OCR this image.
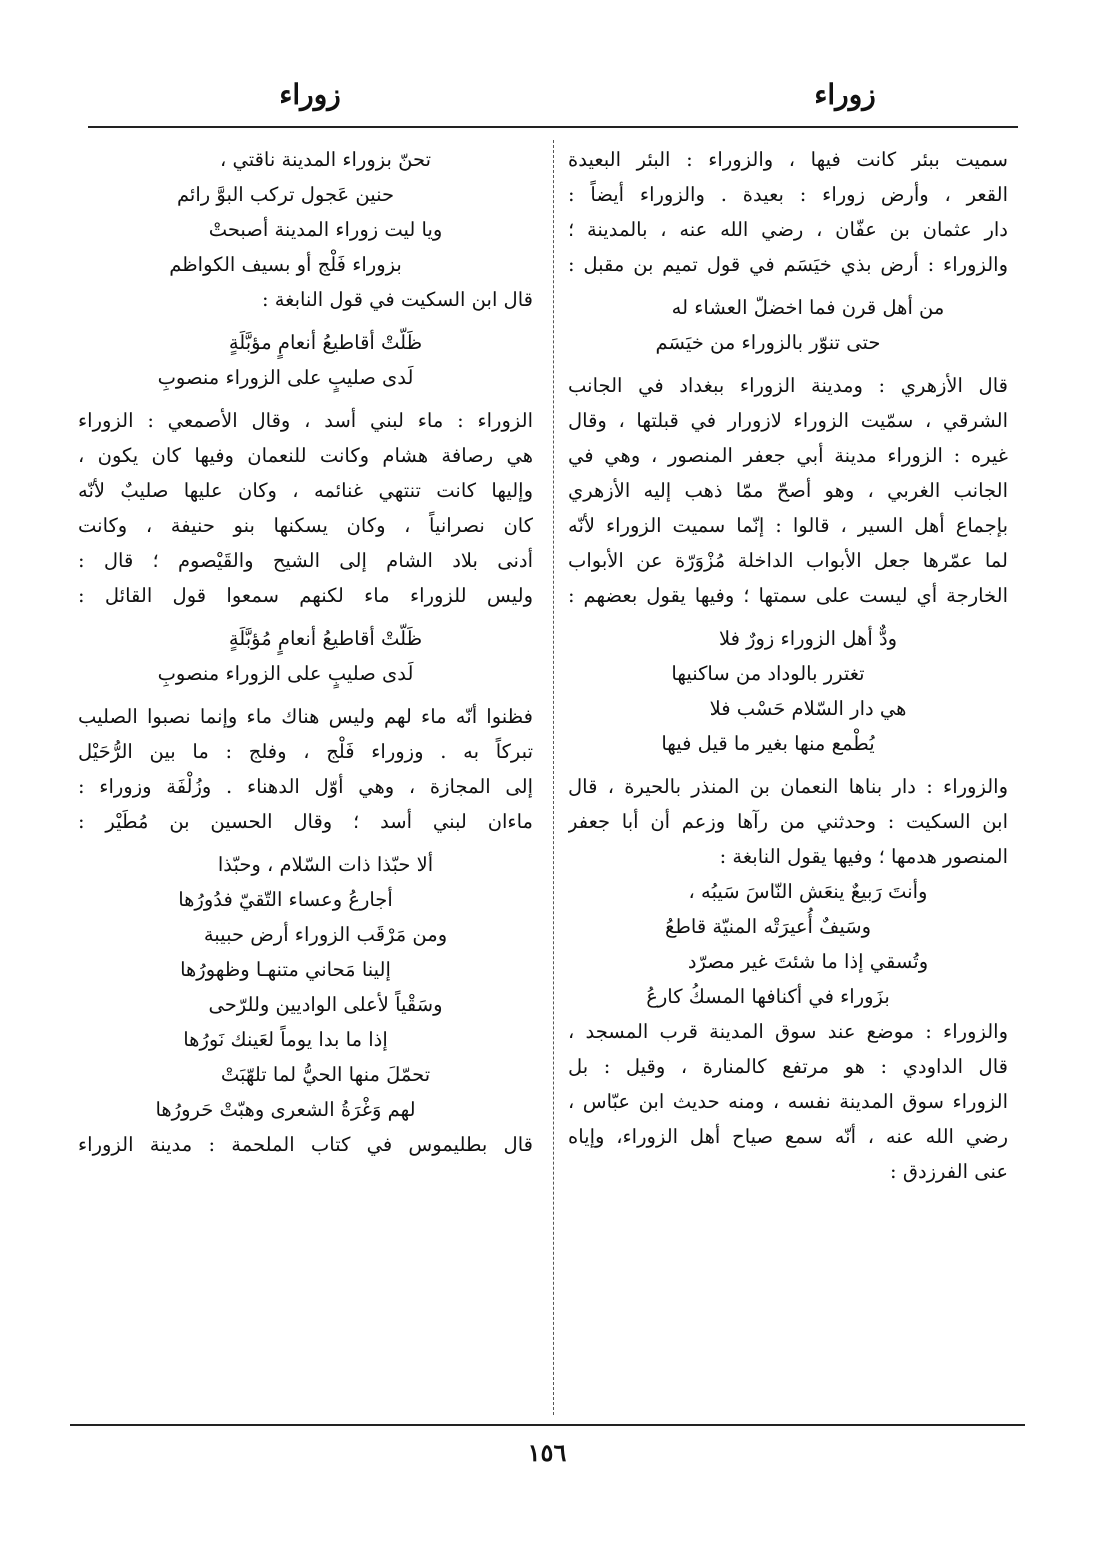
زوراء
زوراء
سميت ببئر كانت فيها ، والزوراء : البئر البعيدة
القعر ، وأرض زوراء : بعيدة . والزوراء أيضاً :
دار عثمان بن عفّان ، رضي الله عنه ، بالمدينة ؛
والزوراء : أرض بذي خيَسَم في قول تميم بن مقبل :
من أهل قرن فما اخضلّ العشاء له
حتى تنوّر بالزوراء من خيَسَم
قال الأزهري : ومدينة الزوراء ببغداد في الجانب
الشرقي ، سمّيت الزوراء لازورار في قبلتها ، وقال
غيره : الزوراء مدينة أبي جعفر المنصور ، وهي في
الجانب الغربي ، وهو أصحّ ممّا ذهب إليه الأزهري
بإجماع أهل السير ، قالوا : إنّما سميت الزوراء لأنّه
لما عمّرها جعل الأبواب الداخلة مُزْوَرّة عن الأبواب
الخارجة أي ليست على سمتها ؛ وفيها يقول بعضهم :
ودٌّ أهل الزوراء زورٌ فلا
تغترر بالوداد من ساكنيها
هي دار السّلام حَسْب فلا
يُطْمع منها بغير ما قيل فيها
والزوراء : دار بناها النعمان بن المنذر بالحيرة ، قال
ابن السكيت : وحدثني من رآها وزعم أن أبا جعفر
المنصور هدمها ؛ وفيها يقول النابغة :
وأنتَ رَبيعٌ ينعَش النّاسَ سَيبُه ،
وسَيفٌ أُعيرَتْه المنيّة قاطعُ
وتُسقي إذا ما شئتَ غير مصرّد
بزَوراء في أكنافها المسكُ كارعُ
والزوراء : موضع عند سوق المدينة قرب المسجد ،
قال الداودي : هو مرتفع كالمنارة ، وقيل : بل
الزوراء سوق المدينة نفسه ، ومنه حديث ابن عبّاس ،
رضي الله عنه ، أنّه سمع صياح أهل الزوراء، وإياه
عنى الفرزدق :
تحنّ بزوراء المدينة ناقتي ،
حنين عَجول تركب البوَّ رائم
ويا ليت زوراء المدينة أصبحتْ
بزوراء فَلْج أو بسيف الكواظم
قال ابن السكيت في قول النابغة :
ظَلّتْ أقاطيعُ أنعامٍ مؤبَّلَةٍ
لَدى صليبٍ على الزوراء منصوبِ
الزوراء : ماء لبني أسد ، وقال الأصمعي : الزوراء
هي رصافة هشام وكانت للنعمان وفيها كان يكون ،
وإليها كانت تنتهي غنائمه ، وكان عليها صليبٌ لأنّه
كان نصرانياً ، وكان يسكنها بنو حنيفة ، وكانت
أدنى بلاد الشام إلى الشيح والقَيْصوم ؛ قال :
وليس للزوراء ماء لكنهم سمعوا قول القائل :
ظَلّتْ أقاطيعُ أنعامٍ مُؤبَّلَةٍ
لَدى صليبٍ على الزوراء منصوبِ
فظنوا أنّه ماء لهم وليس هناك ماء وإنما نصبوا الصليب
تبركاً به . وزوراء فَلْج ، وفلج : ما بين الرُّحَيْل
إلى المجازة ، وهي أوّل الدهناء . وزُلْفَة وزوراء :
ماءان لبني أسد ؛ وقال الحسين بن مُطَيْر :
ألا حبّذا ذات السّلام ، وحبّذا
أجارعُ وعساء التّقيّ فدُورُها
ومن مَرْقَب الزوراء أرض حبيبة
إلينا مَحاني متنهـا وظهورُها
وسَقْياً لأعلى الواديين وللرّحى
إذا ما بدا يوماً لعَينك نَورُها
تحمّلَ منها الحيُّ لما تلهّبَتْ
لهم وَغْرَةُ الشعرى وهبّتْ حَرورُها
قال بطليموس في كتاب الملحمة : مدينة الزوراء
١٥٦
